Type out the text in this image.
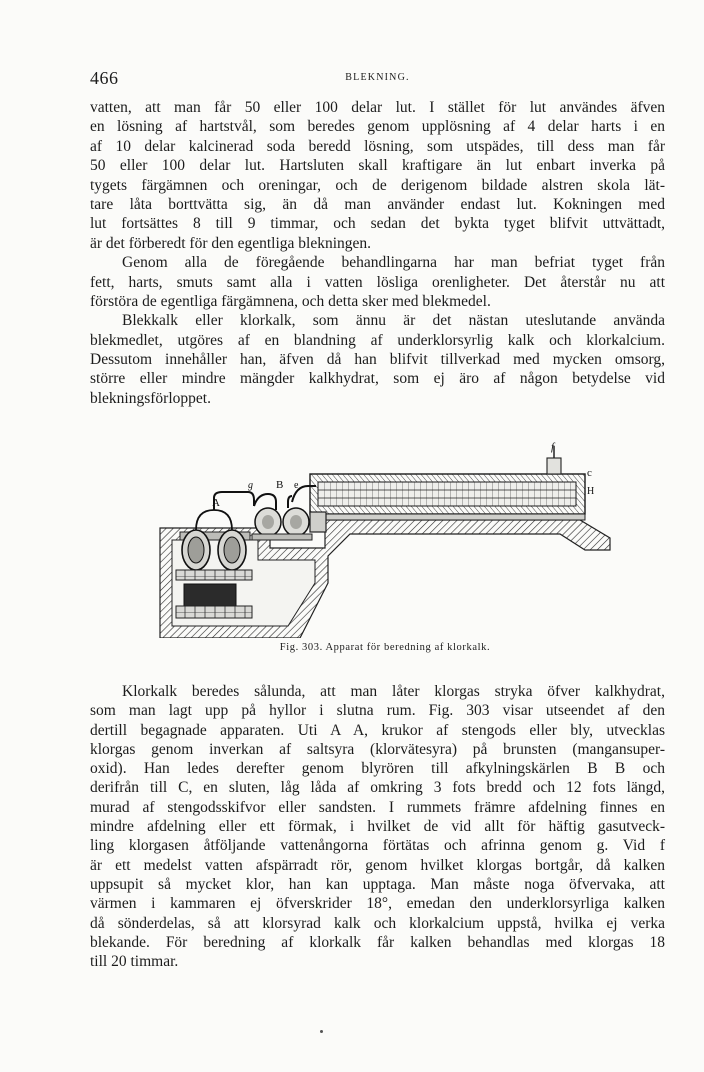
466	BLEKNING.
vatten, att man får 50 eller 100 delar lut. I stället för lut användes äfven
en lösning af hartstvål, som beredes genom upplösning af 4 delar harts i en
af 10 delar kalcinerad soda beredd lösning, som utspädes, till dess man får
50 eller 100 delar lut. Hartsluten skall kraftigare än lut enbart inverka på
tygets färgämnen och oreningar, och de derigenom bildade alstren skola lät-
tare låta borttvätta sig, än då man använder endast lut. Kokningen med
lut fortsättes 8 till 9 timmar, och sedan det bykta tyget blifvit uttvättadt,
är det förberedt för den egentliga blekningen.
Genom alla de föregående behandlingarna har man befriat tyget från
fett, harts, smuts samt alla i vatten lösliga orenligheter. Det återstår nu att
förstöra de egentliga färgämnena, och detta sker med blekmedel.
Blekkalk eller klorkalk, som ännu är det nästan uteslutande använda
blekmedlet, utgöres af en blandning af underklorsyrlig kalk och klorkalcium.
Dessutom innehåller han, äfven då han blifvit tillverkad med mycken omsorg,
större eller mindre mängder kalkhydrat, som ej äro af någon betydelse vid
blekningsförloppet.
f
c
H
B e
g
A
Fig. 303. Apparat för beredning af klorkalk.
Klorkalk beredes sålunda, att man låter klorgas stryka öfver kalkhydrat,
som man lagt upp på hyllor i slutna rum. Fig. 303 visar utseendet af den
dertill begagnade apparaten. Uti A A, krukor af stengods eller bly, utvecklas
klorgas genom inverkan af saltsyra (klorvätesyra) på brunsten (mangansuper-
oxid). Han ledes derefter genom blyrören till afkylningskärlen B B och
derifrån till C, en sluten, låg låda af omkring 3 fots bredd och 12 fots längd,
murad af stengodsskifvor eller sandsten. I rummets främre afdelning finnes en
mindre afdelning eller ett förmak, i hvilket de vid allt för häftig gasutveck-
ling klorgasen åtföljande vattenångorna förtätas och afrinna genom g. Vid f
är ett medelst vatten afspärradt rör, genom hvilket klorgas bortgår, då kalken
uppsupit så mycket klor, han kan upptaga. Man måste noga öfvervaka, att
värmen i kammaren ej öfverskrider 18°, emedan den underklorsyrliga kalken
då sönderdelas, så att klorsyrad kalk och klorkalcium uppstå, hvilka ej verka
blekande. För beredning af klorkalk får kalken behandlas med klorgas 18
till 20 timmar.
